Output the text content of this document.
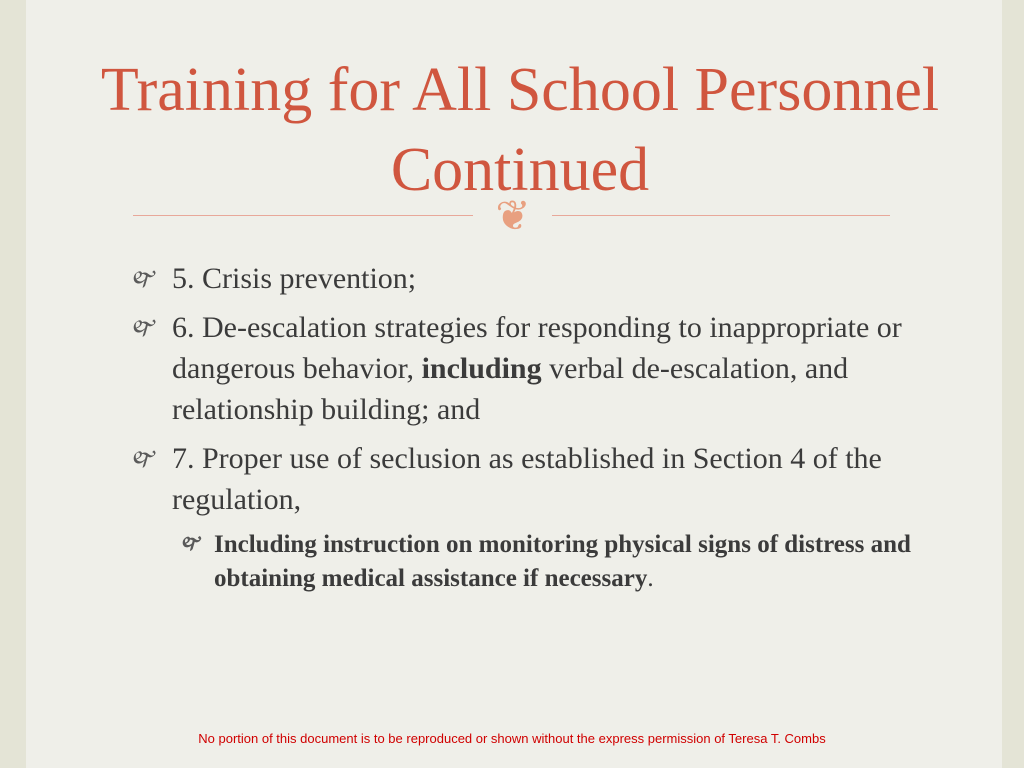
Training for All School Personnel
Continued
❦
🙰 5. Crisis prevention;
🙰 6. De-escalation strategies for responding to inappropriate or dangerous behavior, including verbal de-escalation, and relationship building; and
🙰 7. Proper use of seclusion as established in Section 4 of the regulation,
🙰 Including instruction on monitoring physical signs of distress and obtaining medical assistance if necessary.
No portion of this document is to be reproduced or shown without the express permission of Teresa T. Combs
